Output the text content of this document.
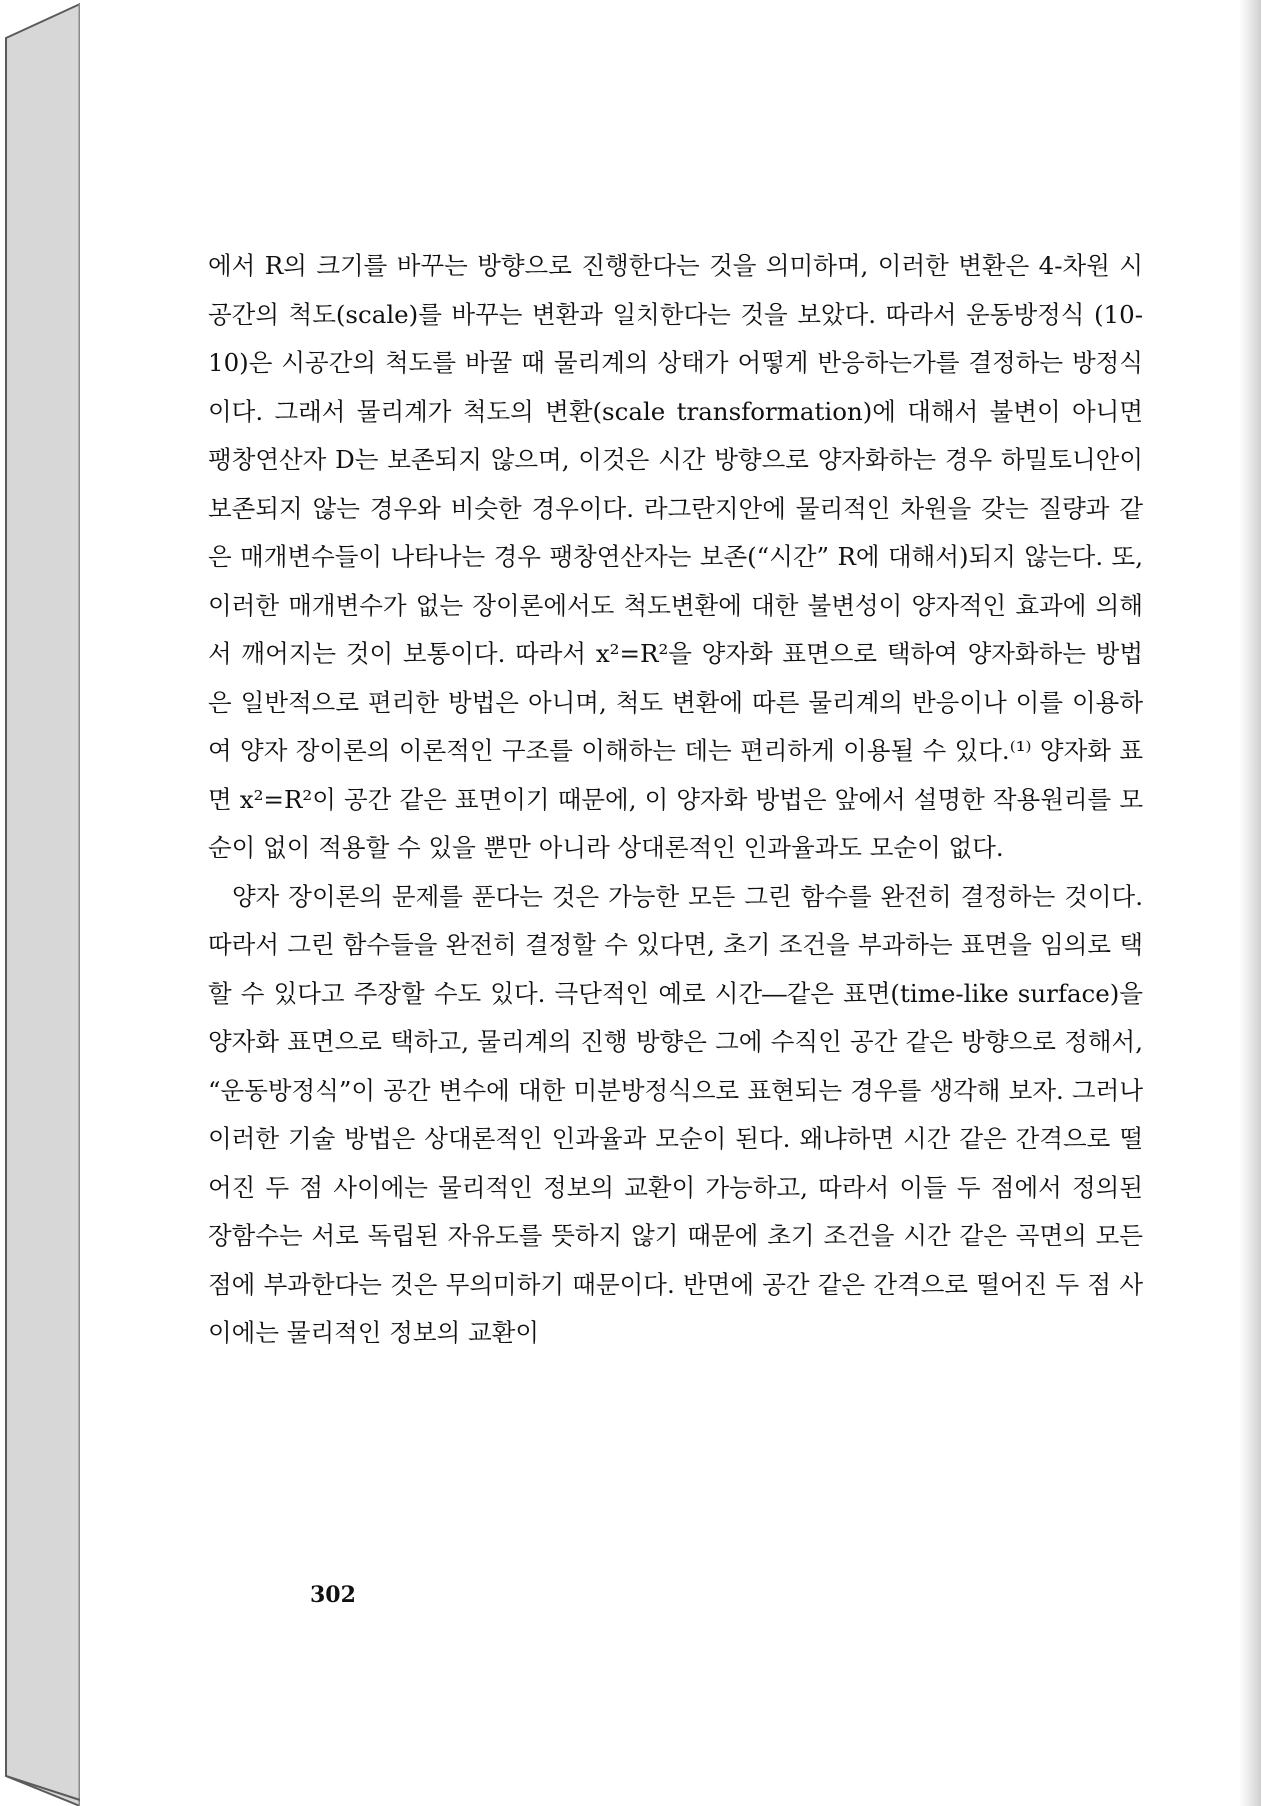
에서 R의 크기를 바꾸는 방향으로 진행한다는 것을 의미하며, 이러한 변환은 4-차원 시공간의 척도(scale)를 바꾸는 변환과 일치한다는 것을 보았다. 따라서 운동방정식 (10-10)은 시공간의 척도를 바꿀 때 물리계의 상태가 어떻게 반응하는가를 결정하는 방정식이다. 그래서 물리계가 척도의 변환(scale transformation)에 대해서 불변이 아니면 팽창연산자 D는 보존되지 않으며, 이것은 시간 방향으로 양자화하는 경우 하밀토니안이 보존되지 않는 경우와 비슷한 경우이다. 라그란지안에 물리적인 차원을 갖는 질량과 같은 매개변수들이 나타나는 경우 팽창연산자는 보존(“시간” R에 대해서)되지 않는다. 또, 이러한 매개변수가 없는 장이론에서도 척도변환에 대한 불변성이 양자적인 효과에 의해서 깨어지는 것이 보통이다. 따라서 x²=R²을 양자화 표면으로 택하여 양자화하는 방법은 일반적으로 편리한 방법은 아니며, 척도 변환에 따른 물리계의 반응이나 이를 이용하여 양자 장이론의 이론적인 구조를 이해하는 데는 편리하게 이용될 수 있다.⁽¹⁾ 양자화 표면 x²=R²이 공간 같은 표면이기 때문에, 이 양자화 방법은 앞에서 설명한 작용원리를 모순이 없이 적용할 수 있을 뿐만 아니라 상대론적인 인과율과도 모순이 없다.

양자 장이론의 문제를 푼다는 것은 가능한 모든 그린 함수를 완전히 결정하는 것이다. 따라서 그린 함수들을 완전히 결정할 수 있다면, 초기 조건을 부과하는 표면을 임의로 택할 수 있다고 주장할 수도 있다. 극단적인 예로 시간―같은 표면(time-like surface)을 양자화 표면으로 택하고, 물리계의 진행 방향은 그에 수직인 공간 같은 방향으로 정해서, “운동방정식”이 공간 변수에 대한 미분방정식으로 표현되는 경우를 생각해 보자. 그러나 이러한 기술 방법은 상대론적인 인과율과 모순이 된다. 왜냐하면 시간 같은 간격으로 떨어진 두 점 사이에는 물리적인 정보의 교환이 가능하고, 따라서 이들 두 점에서 정의된 장함수는 서로 독립된 자유도를 뜻하지 않기 때문에 초기 조건을 시간 같은 곡면의 모든 점에 부과한다는 것은 무의미하기 때문이다. 반면에 공간 같은 간격으로 떨어진 두 점 사이에는 물리적인 정보의 교환이

302
